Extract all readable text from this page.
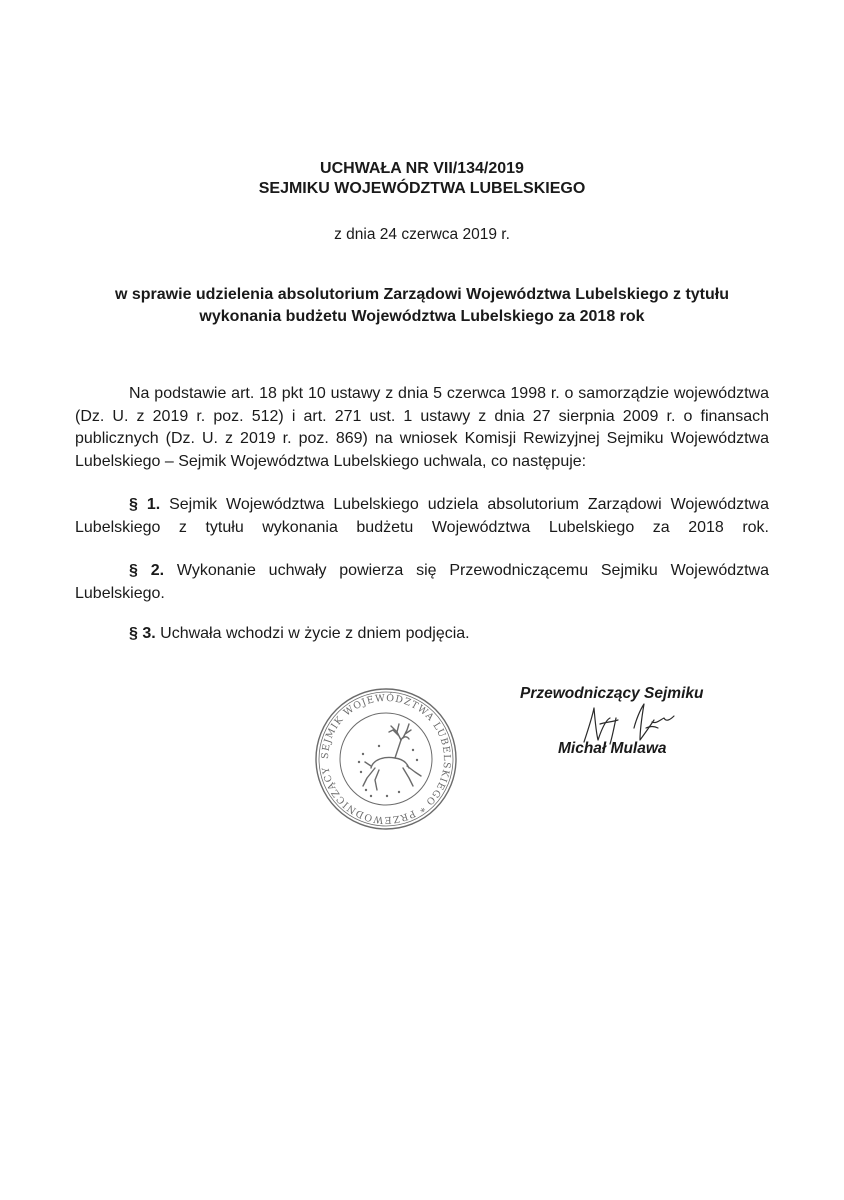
UCHWAŁA NR VII/134/2019
SEJMIKU WOJEWÓDZTWA LUBELSKIEGO
z dnia 24 czerwca 2019 r.
w sprawie udzielenia absolutorium Zarządowi Województwa Lubelskiego z tytułu
wykonania budżetu Województwa Lubelskiego za 2018 rok
Na podstawie art. 18 pkt 10 ustawy z dnia 5 czerwca 1998 r. o samorządzie województwa (Dz. U. z 2019 r. poz. 512) i art. 271 ust. 1 ustawy z dnia 27 sierpnia 2009 r. o finansach publicznych (Dz. U. z 2019 r. poz. 869) na wniosek Komisji Rewizyjnej Sejmiku Województwa Lubelskiego – Sejmik Województwa Lubelskiego uchwala, co następuje:
§ 1. Sejmik Województwa Lubelskiego udziela absolutorium Zarządowi Województwa Lubelskiego z tytułu wykonania budżetu Województwa Lubelskiego za 2018 rok.
§ 2. Wykonanie uchwały powierza się Przewodniczącemu Sejmiku Województwa Lubelskiego.
§ 3. Uchwała wchodzi w życie z dniem podjęcia.
SEJMIK WOJEWÓDZTWA LUBELSKIEGO * PRZEWODNICZĄCY
Przewodniczący Sejmiku
Michał Mulawa
